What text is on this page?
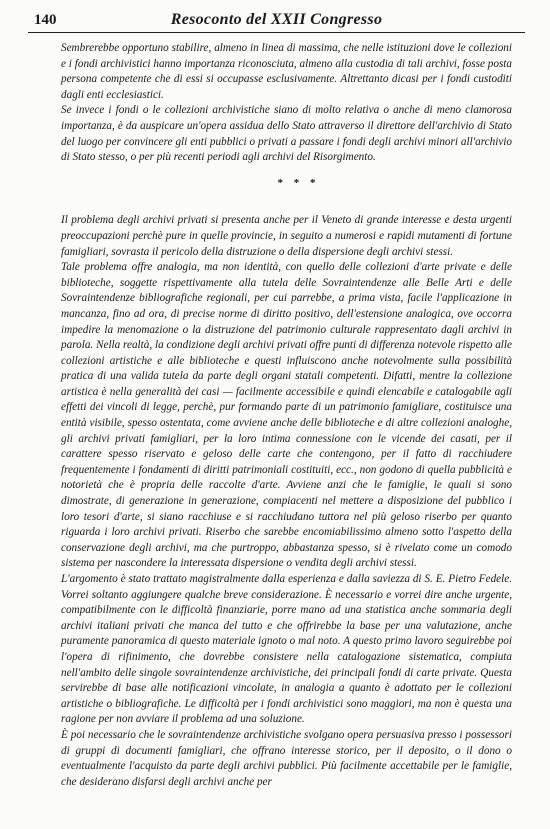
140	Resoconto del XXII Congresso

Sembrerebbe opportuno stabilire, almeno in linea di massima, che nelle istituzioni dove le collezioni e i fondi archivistici hanno importanza riconosciuta, almeno alla custodia di tali archivi, fosse posta persona competente che di essi si occupasse esclusivamente. Altrettanto dicasi per i fondi custoditi dagli enti ecclesiastici.

Se invece i fondi o le collezioni archivistiche siano di molto relativa o anche di meno clamorosa importanza, è da auspicare un'opera assidua dello Stato attraverso il direttore dell'archivio di Stato del luogo per convincere gli enti pubblici o privati a passare i fondi degli archivi minori all'archivio di Stato stesso, o per più recenti periodi agli archivi del Risorgimento.

* * *

Il problema degli archivi privati si presenta anche per il Veneto di grande interesse e desta urgenti preoccupazioni perchè pure in quelle provincie, in seguito a numerosi e rapidi mutamenti di fortune famigliari, sovrasta il pericolo della distruzione o della dispersione degli archivi stessi.

Tale problema offre analogia, ma non identità, con quello delle collezioni d'arte private e delle biblioteche, soggette rispettivamente alla tutela delle Sovraintendenze alle Belle Arti e delle Sovraintendenze bibliografiche regionali, per cui parrebbe, a prima vista, facile l'applicazione in mancanza, fino ad ora, di precise norme di diritto positivo, dell'estensione analogica, ove occorra impedire la menomazione o la distruzione del patrimonio culturale rappresentato dagli archivi in parola. Nella realtà, la condizione degli archivi privati offre punti di differenza notevole rispetto alle collezioni artistiche e alle biblioteche e questi influiscono anche notevolmente sulla possibilità pratica di una valida tutela da parte degli organi statali competenti. Difatti, mentre la collezione artistica è nella generalità dei casi — facilmente accessibile e quindi elencabile e catalogabile agli effetti dei vincoli di legge, perchè, pur formando parte di un patrimonio famigliare, costituisce una entità visibile, spesso ostentata, come avviene anche delle biblioteche e di altre collezioni analoghe, gli archivi privati famigliari, per la loro intima connessione con le vicende dei casati, per il carattere spesso riservato e geloso delle carte che contengono, per il fatto di racchiudere frequentemente i fondamenti di diritti patrimoniali costituiti, ecc., non godono di quella pubblicità e notorietà che è propria delle raccolte d'arte. Avviene anzi che le famiglie, le quali si sono dimostrate, di generazione in generazione, compiacenti nel mettere a disposizione del pubblico i loro tesori d'arte, si siano racchiuse e si racchiudano tuttora nel più geloso riserbo per quanto riguarda i loro archivi privati. Riserbo che sarebbe encomiabilissimo almeno sotto l'aspetto della conservazione degli archivi, ma che purtroppo, abbastanza spesso, si è rivelato come un comodo sistema per nascondere la interessata dispersione o vendita degli archivi stessi.

L'argomento è stato trattato magistralmente dalla esperienza e dalla saviezza di S. E. Pietro Fedele. Vorrei soltanto aggiungere qualche breve considerazione. È necessario e vorrei dire anche urgente, compatibilmente con le difficoltà finanziarie, porre mano ad una statistica anche sommaria degli archivi italiani privati che manca del tutto e che offrirebbe la base per una valutazione, anche puramente panoramica di questo materiale ignoto o mal noto. A questo primo lavoro seguirebbe poi l'opera di rifinimento, che dovrebbe consistere nella catalogazione sistematica, compiuta nell'ambito delle singole sovraintendenze archivistiche, dei principali fondi di carte private. Questa servirebbe di base alle notificazioni vincolate, in analogia a quanto è adottato per le collezioni artistiche o bibliografiche. Le difficoltà per i fondi archivistici sono maggiori, ma non è questa una ragione per non avviare il problema ad una soluzione.

È poi necessario che le sovraintendenze archivistiche svolgano opera persuasiva presso i possessori di gruppi di documenti famigliari, che offrano interesse storico, per il deposito, o il dono o eventualmente l'acquisto da parte degli archivi pubblici. Più facilmente accettabile per le famiglie, che desiderano disfarsi degli archivi anche per
